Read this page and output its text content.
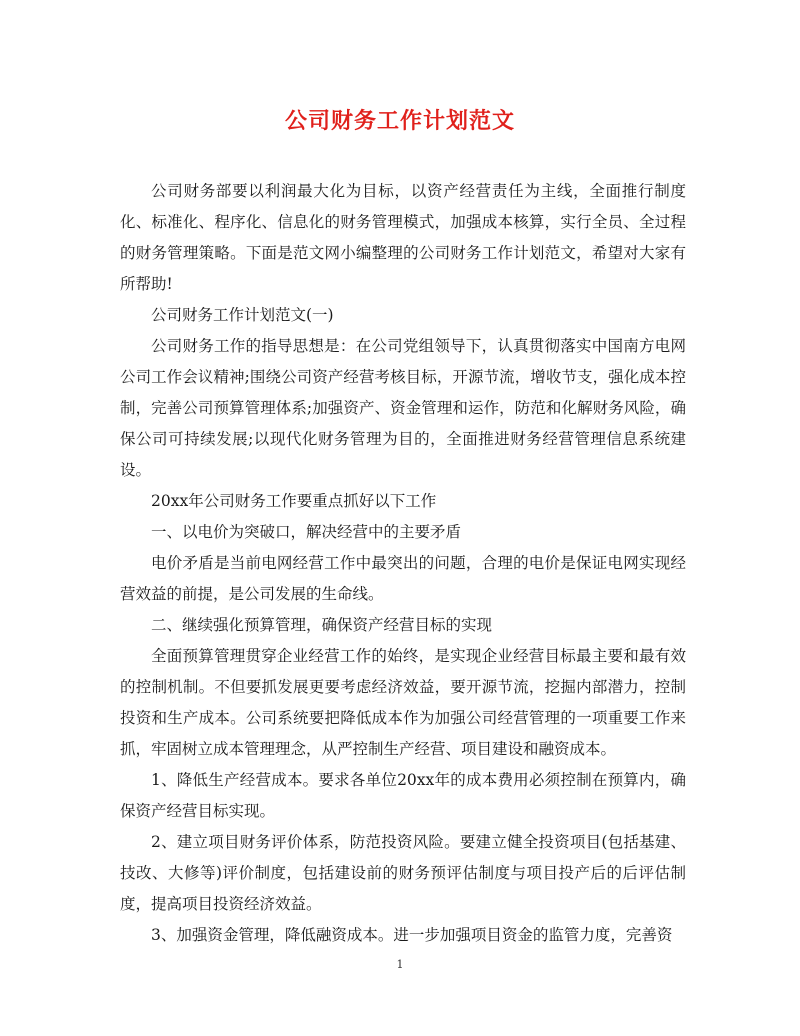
公司财务工作计划范文

公司财务部要以利润最大化为目标，以资产经营责任为主线，全面推行制度化、标准化、程序化、信息化的财务管理模式，加强成本核算，实行全员、全过程的财务管理策略。下面是范文网小编整理的公司财务工作计划范文，希望对大家有所帮助!

公司财务工作计划范文(一)

公司财务工作的指导思想是：在公司党组领导下，认真贯彻落实中国南方电网公司工作会议精神;围绕公司资产经营考核目标，开源节流，增收节支，强化成本控制，完善公司预算管理体系;加强资产、资金管理和运作，防范和化解财务风险，确保公司可持续发展;以现代化财务管理为目的，全面推进财务经营管理信息系统建设。

20xx年公司财务工作要重点抓好以下工作

一、以电价为突破口，解决经营中的主要矛盾

电价矛盾是当前电网经营工作中最突出的问题，合理的电价是保证电网实现经营效益的前提，是公司发展的生命线。

二、继续强化预算管理，确保资产经营目标的实现

全面预算管理贯穿企业经营工作的始终，是实现企业经营目标最主要和最有效的控制机制。不但要抓发展更要考虑经济效益，要开源节流，挖掘内部潜力，控制投资和生产成本。公司系统要把降低成本作为加强公司经营管理的一项重要工作来抓，牢固树立成本管理理念，从严控制生产经营、项目建设和融资成本。

1、降低生产经营成本。要求各单位20xx年的成本费用必须控制在预算内，确保资产经营目标实现。

2、建立项目财务评价体系，防范投资风险。要建立健全投资项目(包括基建、技改、大修等)评价制度，包括建设前的财务预评估制度与项目投产后的后评估制度，提高项目投资经济效益。

3、加强资金管理，降低融资成本。进一步加强项目资金的监管力度，完善资

1
